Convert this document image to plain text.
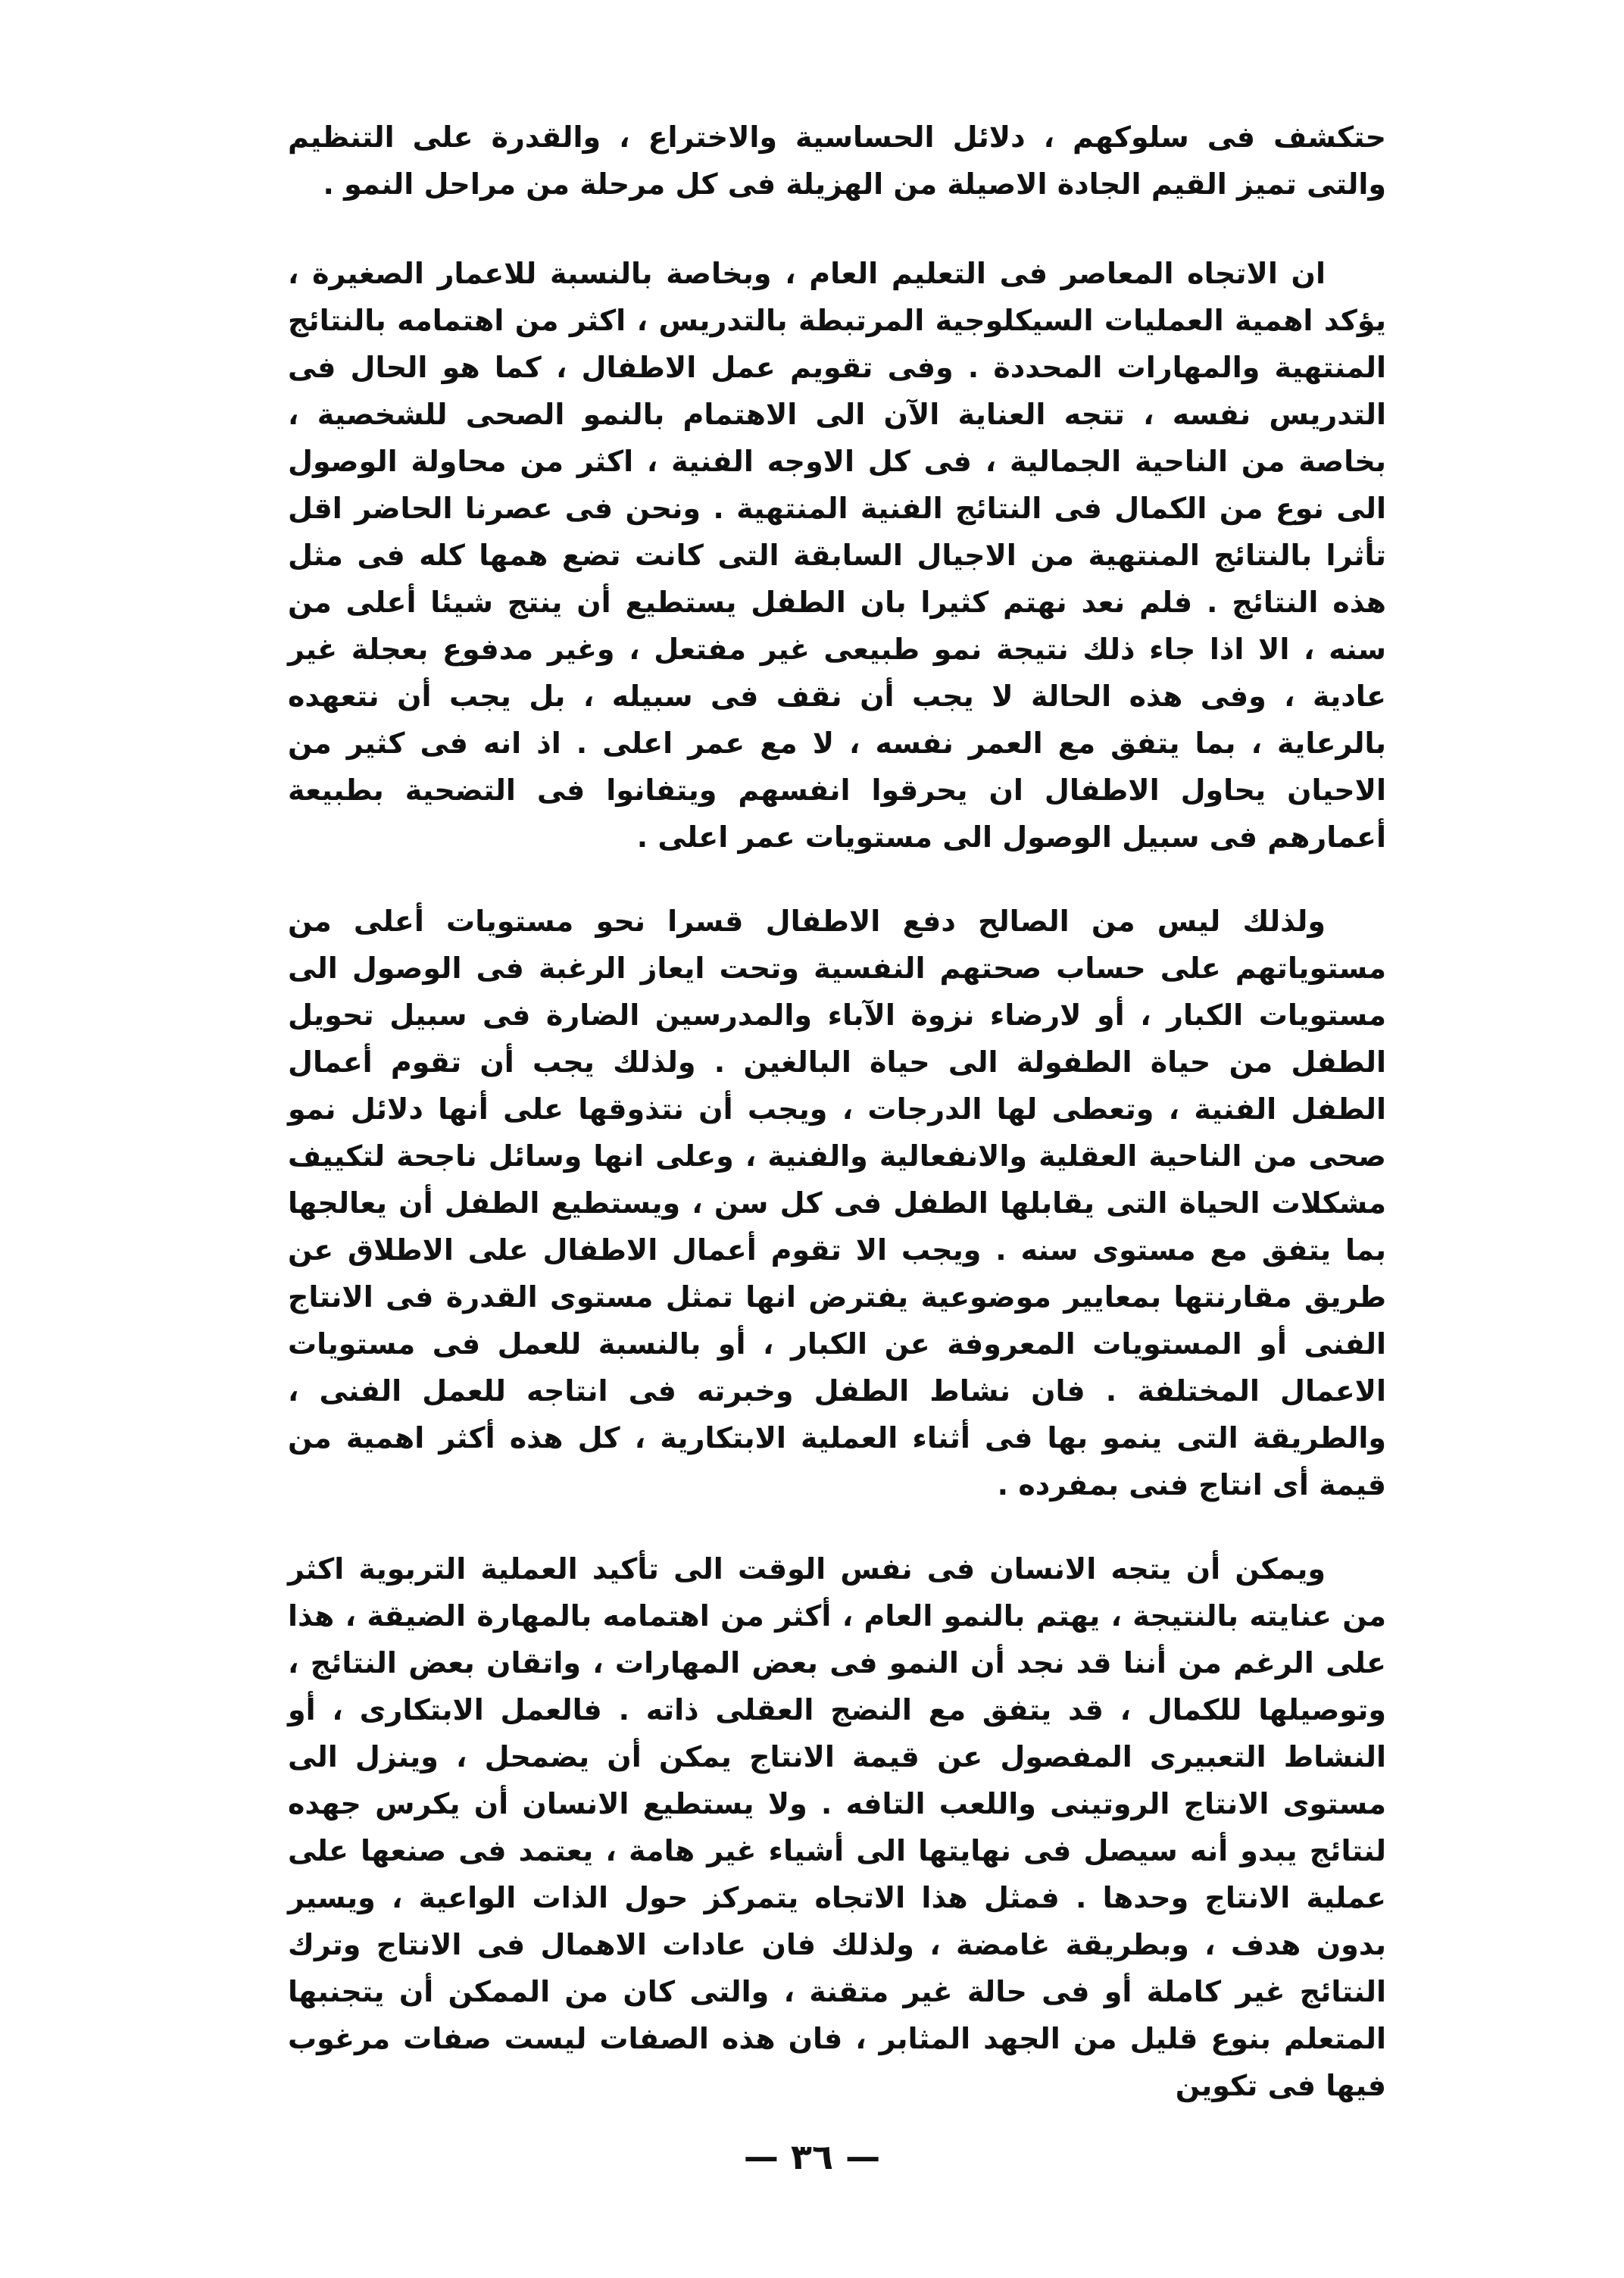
حتكشف فى سلوكهم ، دلائل الحساسية والاختراع ، والقدرة على التنظيم والتى تميز القيم الجادة الاصيلة من الهزيلة فى كل مرحلة من مراحل النمو .

ان الاتجاه المعاصر فى التعليم العام ، وبخاصة بالنسبة للاعمار الصغيرة ، يؤكد اهمية العمليات السيكلوجية المرتبطة بالتدريس ، اكثر من اهتمامه بالنتائج المنتهية والمهارات المحددة . وفى تقويم عمل الاطفال ، كما هو الحال فى التدريس نفسه ، تتجه العناية الآن الى الاهتمام بالنمو الصحى للشخصية ، بخاصة من الناحية الجمالية ، فى كل الاوجه الفنية ، اكثر من محاولة الوصول الى نوع من الكمال فى النتائج الفنية المنتهية . ونحن فى عصرنا الحاضر اقل تأثرا بالنتائج المنتهية من الاجيال السابقة التى كانت تضع همها كله فى مثل هذه النتائج . فلم نعد نهتم كثيرا بان الطفل يستطيع أن ينتج شيئا أعلى من سنه ، الا اذا جاء ذلك نتيجة نمو طبيعى غير مفتعل ، وغير مدفوع بعجلة غير عادية ، وفى هذه الحالة لا يجب أن نقف فى سبيله ، بل يجب أن نتعهده بالرعاية ، بما يتفق مع العمر نفسه ، لا مع عمر اعلى . اذ انه فى كثير من الاحيان يحاول الاطفال ان يحرقوا انفسهم ويتفانوا فى التضحية بطبيعة أعمارهم فى سبيل الوصول الى مستويات عمر اعلى .

ولذلك ليس من الصالح دفع الاطفال قسرا نحو مستويات أعلى من مستوياتهم على حساب صحتهم النفسية وتحت ايعاز الرغبة فى الوصول الى مستويات الكبار ، أو لارضاء نزوة الآباء والمدرسين الضارة فى سبيل تحويل الطفل من حياة الطفولة الى حياة البالغين . ولذلك يجب أن تقوم أعمال الطفل الفنية ، وتعطى لها الدرجات ، ويجب أن نتذوقها على أنها دلائل نمو صحى من الناحية العقلية والانفعالية والفنية ، وعلى انها وسائل ناجحة لتكييف مشكلات الحياة التى يقابلها الطفل فى كل سن ، ويستطيع الطفل أن يعالجها بما يتفق مع مستوى سنه . ويجب الا تقوم أعمال الاطفال على الاطلاق عن طريق مقارنتها بمعايير موضوعية يفترض انها تمثل مستوى القدرة فى الانتاج الفنى أو المستويات المعروفة عن الكبار ، أو بالنسبة للعمل فى مستويات الاعمال المختلفة . فان نشاط الطفل وخبرته فى انتاجه للعمل الفنى ، والطريقة التى ينمو بها فى أثناء العملية الابتكارية ، كل هذه أكثر اهمية من قيمة أى انتاج فنى بمفرده .

ويمكن أن يتجه الانسان فى نفس الوقت الى تأكيد العملية التربوية اكثر من عنايته بالنتيجة ، يهتم بالنمو العام ، أكثر من اهتمامه بالمهارة الضيقة ، هذا على الرغم من أننا قد نجد أن النمو فى بعض المهارات ، واتقان بعض النتائج ، وتوصيلها للكمال ، قد يتفق مع النضج العقلى ذاته . فالعمل الابتكارى ، أو النشاط التعبيرى المفصول عن قيمة الانتاج يمكن أن يضمحل ، وينزل الى مستوى الانتاج الروتينى واللعب التافه . ولا يستطيع الانسان أن يكرس جهده لنتائج يبدو أنه سيصل فى نهايتها الى أشياء غير هامة ، يعتمد فى صنعها على عملية الانتاج وحدها . فمثل هذا الاتجاه يتمركز حول الذات الواعية ، ويسير بدون هدف ، وبطريقة غامضة ، ولذلك فان عادات الاهمال فى الانتاج وترك النتائج غير كاملة أو فى حالة غير متقنة ، والتى كان من الممكن أن يتجنبها المتعلم بنوع قليل من الجهد المثابر ، فان هذه الصفات ليست صفات مرغوب فيها فى تكوين

— ٣٦ —
